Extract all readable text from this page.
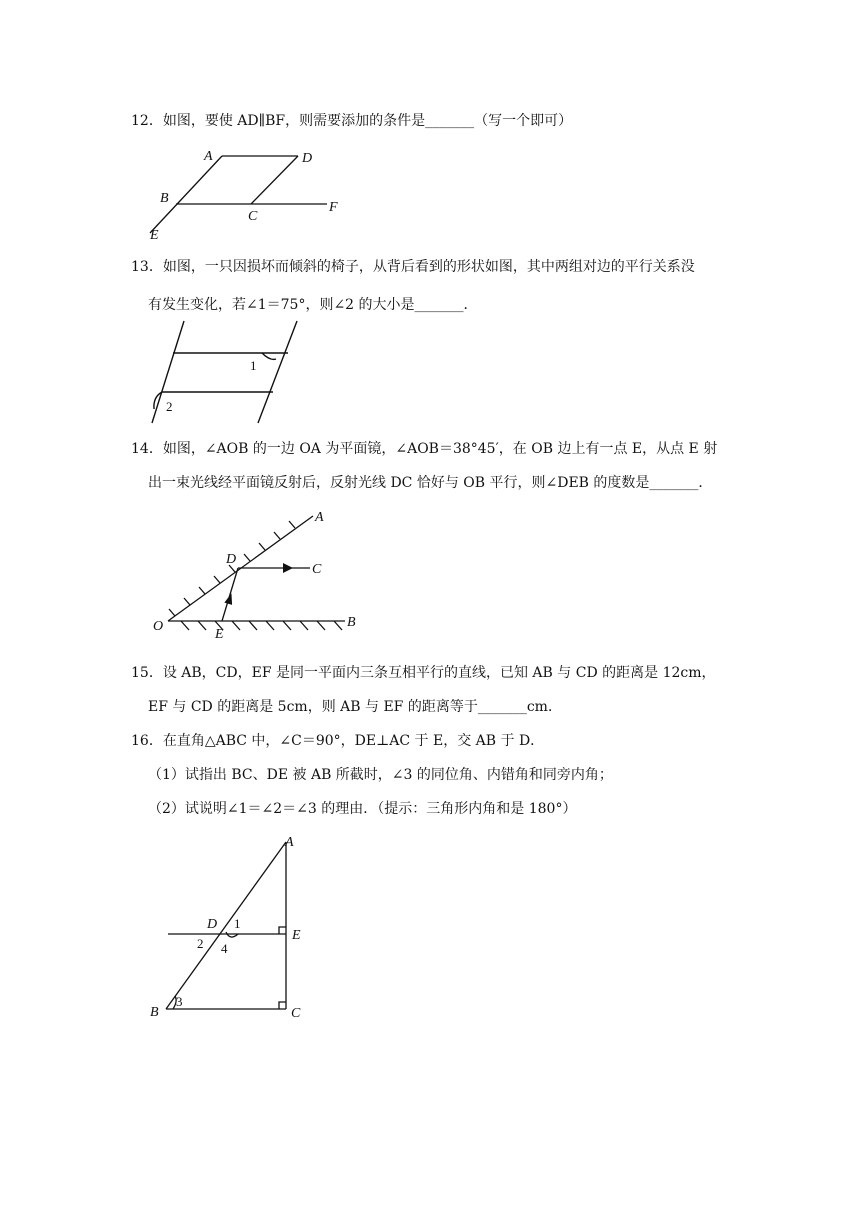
12．如图，要使 AD∥BF，则需要添加的条件是_______（写一个即可）
A	D
B
C
F
E
13．如图，一只因损坏而倾斜的椅子，从背后看到的形状如图，其中两组对边的平行关系没
有发生变化，若∠1＝75°，则∠2 的大小是_______．
1
2
14．如图，∠AOB 的一边 OA 为平面镜，∠AOB＝38°45′，在 OB 边上有一点 E，从点 E 射
出一束光线经平面镜反射后，反射光线 DC 恰好与 OB 平行，则∠DEB 的度数是_______．
A
D
C
O
E
B
15．设 AB，CD，EF 是同一平面内三条互相平行的直线，已知 AB 与 CD 的距离是 12cm，
EF 与 CD 的距离是 5cm，则 AB 与 EF 的距离等于_______cm．
16．在直角△ABC 中，∠C＝90°，DE⊥AC 于 E，交 AB 于 D．
（1）试指出 BC、DE 被 AB 所截时，∠3 的同位角、内错角和同旁内角；
（2）试说明∠1＝∠2＝∠3 的理由．（提示：三角形内角和是 180°）
A
D 1
2 4
E
B
3
C
